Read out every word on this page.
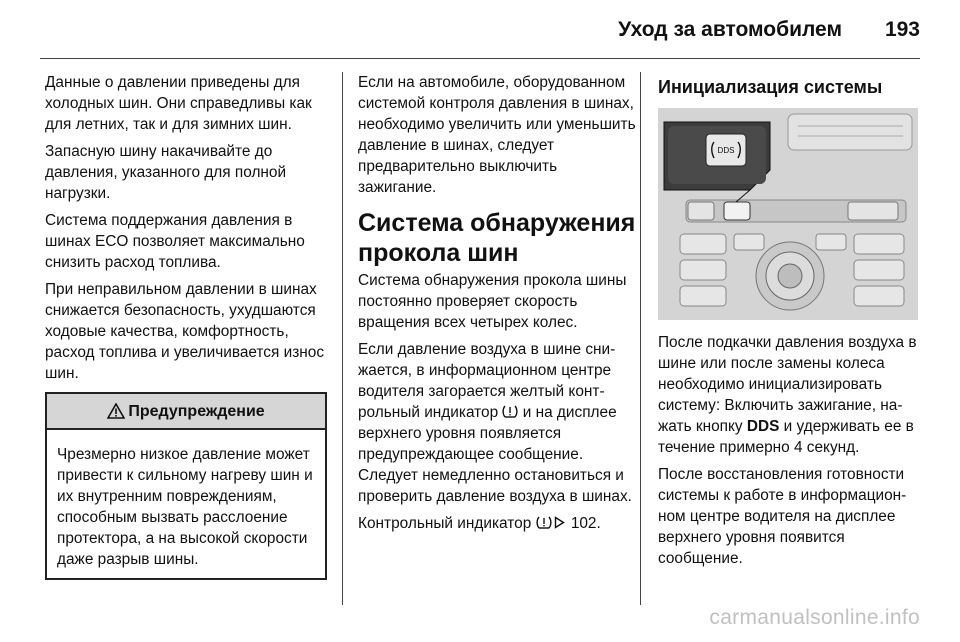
Уход за автомобилем 193

Данные о давлении приведены для холодных шин. Они справедливы как для летних, так и для зимних шин.

Запасную шину накачивайте до давления, указанного для полной нагрузки.

Система поддержания давления в шинах ECO позволяет максимально снизить расход топлива.

При неправильном давлении в шинах снижается безопасность, ухудшаются ходовые качества, комфортность, расход топлива и увеличивается износ шин.

Предупреждение
Чрезмерно низкое давление может привести к сильному нагреву шин и их внутренним повреждениям, способным вызвать расслоение протектора, а на высокой скорости даже разрыв шины.

Если на автомобиле, оборудованном системой контроля давления в шинах, необходимо увеличить или уменьшить давление в шинах, следует предварительно выключить зажигание.

Система обнаружения прокола шин

Система обнаружения прокола шины постоянно проверяет скорость вращения всех четырех колес.

Если давление воздуха в шине снижается, в информационном центре водителя загорается желтый контрольный индикатор  и на дисплее верхнего уровня появляется предупреждающее сообщение. Следует немедленно остановиться и проверить давление воздуха в шинах.

Контрольный индикатор  102.

Инициализация системы
DDS

После подкачки давления воздуха в шине или после замены колеса необходимо инициализировать систему: Включить зажигание, нажать кнопку DDS и удерживать ее в течение примерно 4 секунд.

После восстановления готовности системы к работе в информационном центре водителя на дисплее верхнего уровня появится сообщение.

carmanualsonline.info
